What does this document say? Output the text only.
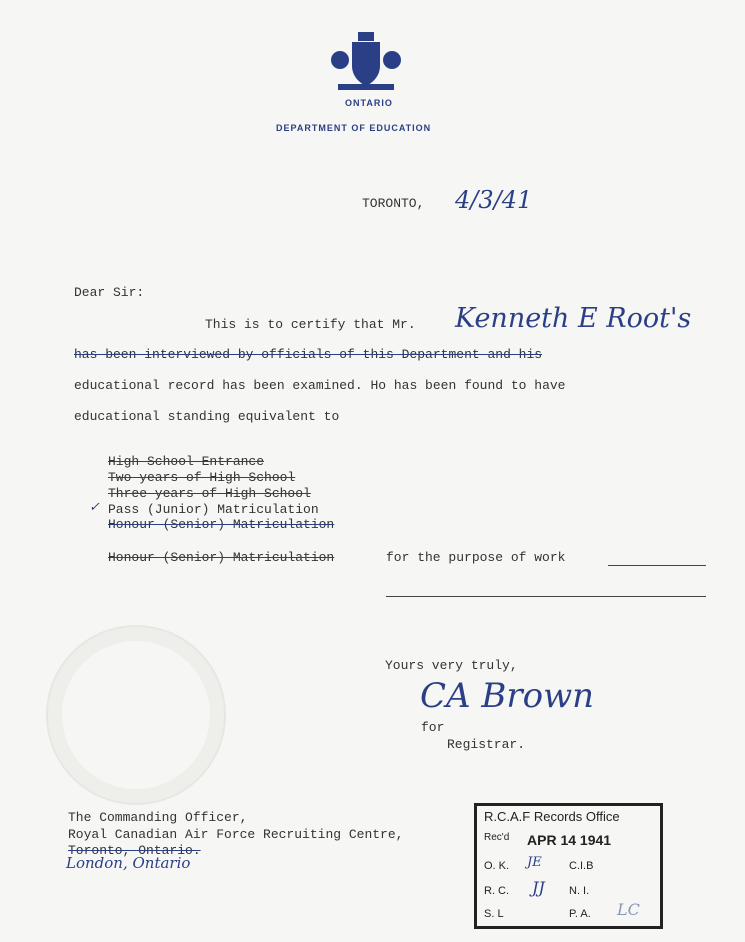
ONTARIO
DEPARTMENT OF EDUCATION
TORONTO, 4/3/41
Dear Sir:
This is to certify that Mr. Kenneth E Root's
has been interviewed by officials of this Department and his
educational record has been examined. Ho has been found to have
educational standing equivalent to
High School Entrance
Two years of High School
Three years of High School
✓ Pass (Junior) Matriculation
Honour (Senior) Matriculation
Honour (Senior) Matriculation	for the purpose of work
Yours very truly,
CA Brown
for
Registrar.
The Commanding Officer,
Royal Canadian Air Force Recruiting Centre,
Toronto, Ontario.
London, Ontario
R.C.A.F Records Office
Rec'd APR 14 1941
O. K. JE C.I.B
R. C. JJ N. I.
S. L	P. A. LC
